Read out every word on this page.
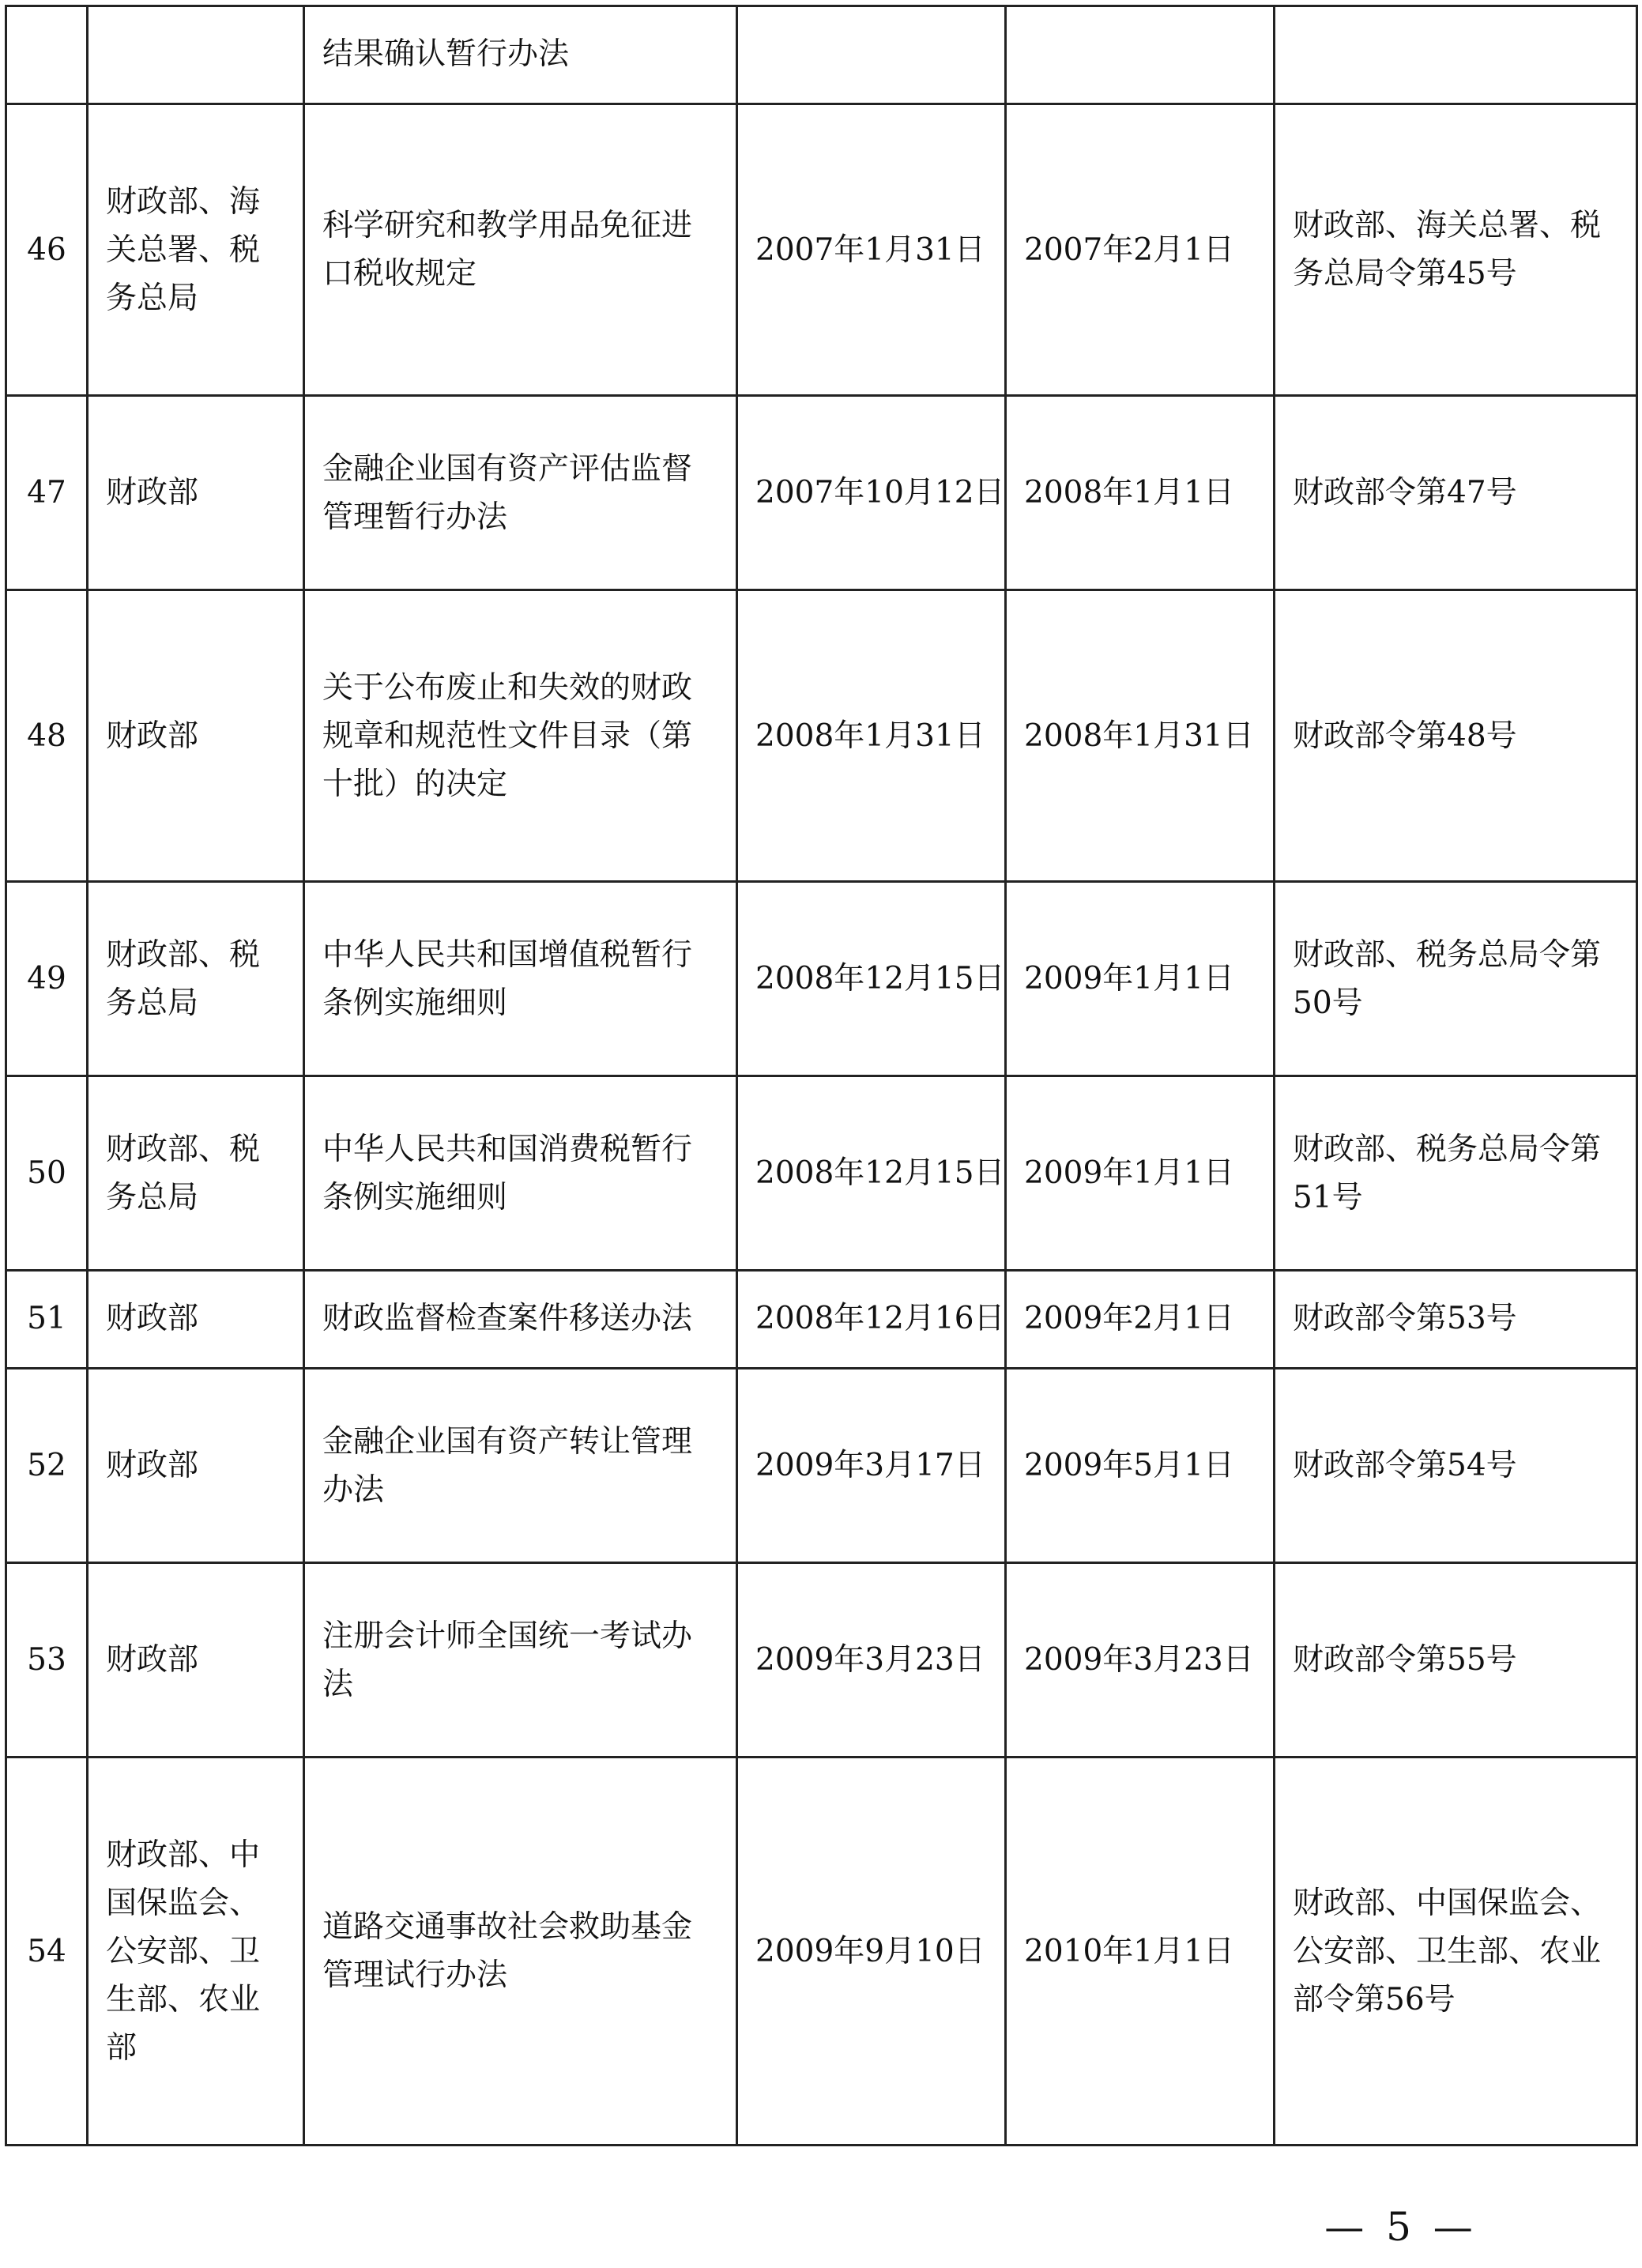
		结果确认暂行办法			
46	财政部、海关总署、税务总局	科学研究和教学用品免征进口税收规定	2007年1月31日	2007年2月1日	财政部、海关总署、税务总局令第45号
47	财政部	金融企业国有资产评估监督管理暂行办法	2007年10月12日	2008年1月1日	财政部令第47号
48	财政部	关于公布废止和失效的财政规章和规范性文件目录（第十批）的决定	2008年1月31日	2008年1月31日	财政部令第48号
49	财政部、税务总局	中华人民共和国增值税暂行条例实施细则	2008年12月15日	2009年1月1日	财政部、税务总局令第50号
50	财政部、税务总局	中华人民共和国消费税暂行条例实施细则	2008年12月15日	2009年1月1日	财政部、税务总局令第51号
51	财政部	财政监督检查案件移送办法	2008年12月16日	2009年2月1日	财政部令第53号
52	财政部	金融企业国有资产转让管理办法	2009年3月17日	2009年5月1日	财政部令第54号
53	财政部	注册会计师全国统一考试办法	2009年3月23日	2009年3月23日	财政部令第55号
54	财政部、中国保监会、公安部、卫生部、农业部	道路交通事故社会救助基金管理试行办法	2009年9月10日	2010年1月1日	财政部、中国保监会、公安部、卫生部、农业部令第56号
— 5 —
